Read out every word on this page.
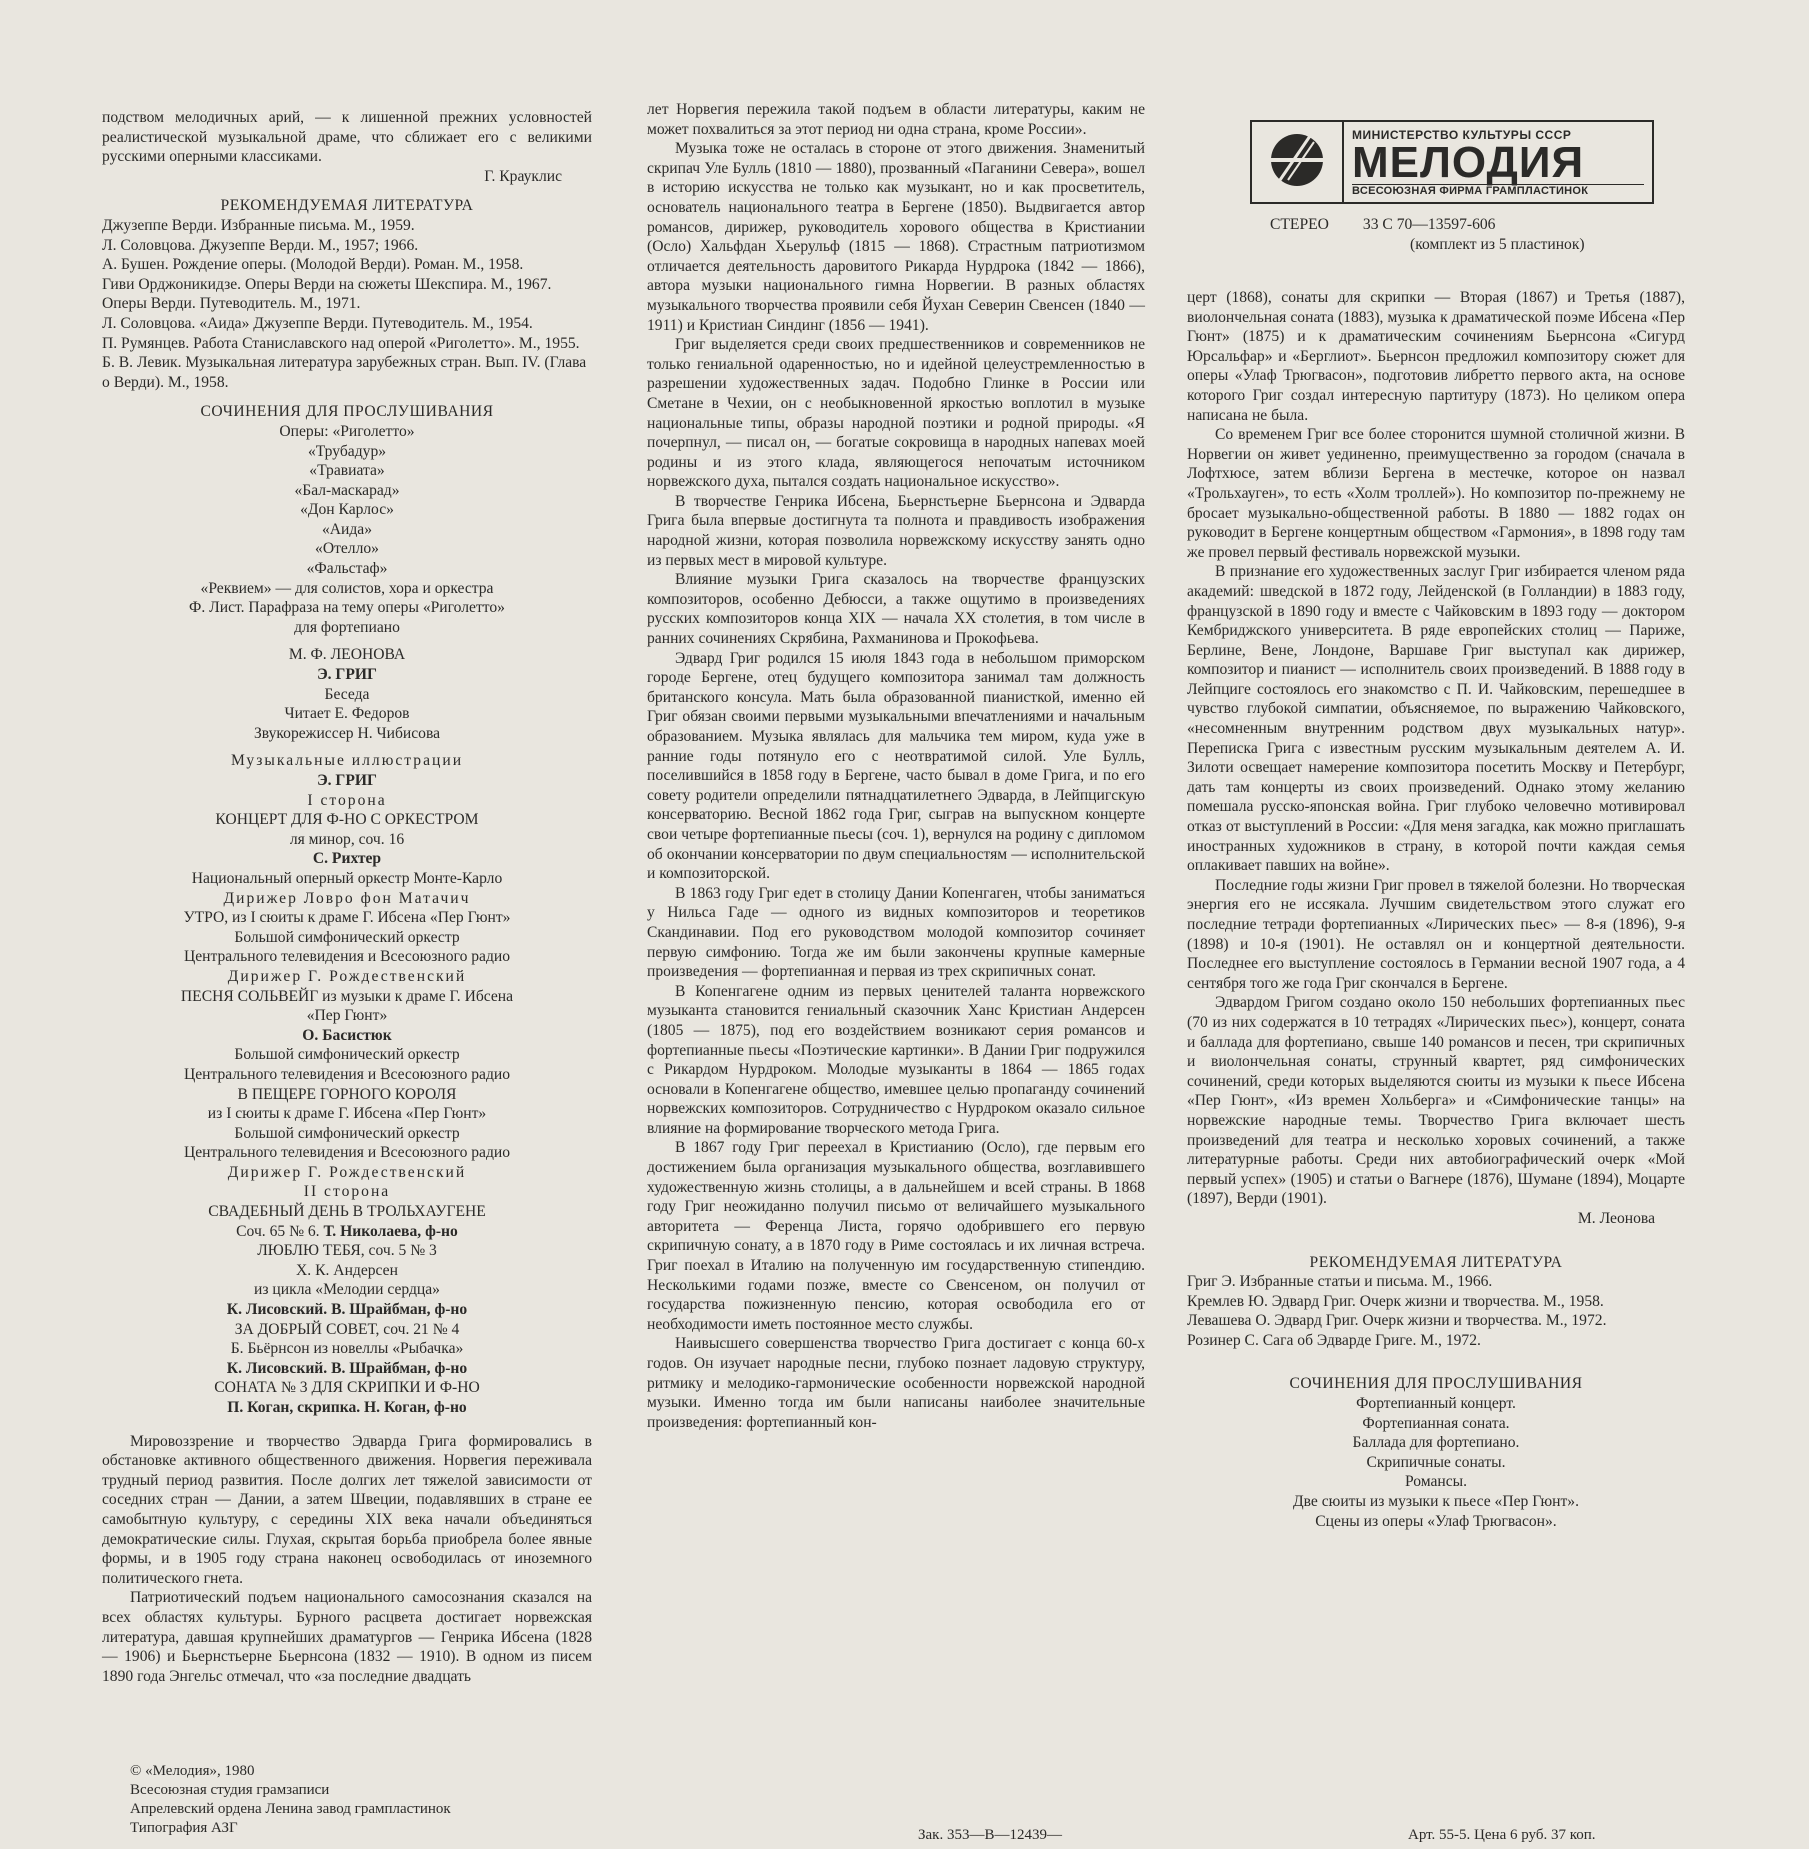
МИНИСТЕРСТВО КУЛЬТУРЫ СССР
МЕЛОДИЯ
ВСЕСОЮЗНАЯ ФИРМА ГРАМПЛАСТИНОК
СТЕРЕО 33 С 70—13597-606
(комплект из 5 пластинок)

подством мелодичных арий, — к лишенной прежних условностей реалистической музыкальной драме, что сближает его с великими русскими оперными классиками.

Г. Крауклис
РЕКОМЕНДУЕМАЯ ЛИТЕРАТУРА
Джузеппе Верди. Избранные письма. М., 1959.
Л. Соловцова. Джузеппе Верди. М., 1957; 1966.
А. Бушен. Рождение оперы. (Молодой Верди). Роман. М., 1958.
Гиви Орджоникидзе. Оперы Верди на сюжеты Шекспира. М., 1967.
Оперы Верди. Путеводитель. М., 1971.
Л. Соловцова. «Аида» Джузеппе Верди. Путеводитель. М., 1954.
П. Румянцев. Работа Станиславского над оперой «Риголетто». М., 1955.
Б. В. Левик. Музыкальная литература зарубежных стран. Вып. IV. (Глава о Верди). М., 1958.
СОЧИНЕНИЯ ДЛЯ ПРОСЛУШИВАНИЯ
Оперы: «Риголетто»
«Трубадур»
«Травиата»
«Бал-маскарад»
«Дон Карлос»
«Аида»
«Отелло»
«Фальстаф»
«Реквием» — для солистов, хора и оркестра
Ф. Лист. Парафраза на тему оперы «Риголетто»
для фортепиано
М. Ф. ЛЕОНОВА
Э. ГРИГ
Беседа
Читает Е. Федоров
Звукорежиссер Н. Чибисова
Музыкальные иллюстрации
Э. ГРИГ
I сторона
КОНЦЕРТ ДЛЯ Ф-НО С ОРКЕСТРОМ
ля минор, соч. 16
С. Рихтер
Национальный оперный оркестр Монте-Карло
Дирижер Ловро фон Матачич
УТРО, из I сюиты к драме Г. Ибсена «Пер Гюнт»
Большой симфонический оркестр
Центрального телевидения и Всесоюзного радио
Дирижер Г. Рождественский
ПЕСНЯ СОЛЬВЕЙГ из музыки к драме Г. Ибсена
«Пер Гюнт»
О. Басистюк
Большой симфонический оркестр
Центрального телевидения и Всесоюзного радио
В ПЕЩЕРЕ ГОРНОГО КОРОЛЯ
из I сюиты к драме Г. Ибсена «Пер Гюнт»
Большой симфонический оркестр
Центрального телевидения и Всесоюзного радио
Дирижер Г. Рождественский
II сторона
СВАДЕБНЫЙ ДЕНЬ В ТРОЛЬХАУГЕНЕ
Соч. 65 № 6. Т. Николаева, ф-но
ЛЮБЛЮ ТЕБЯ, соч. 5 № 3
Х. К. Андерсен
из цикла «Мелодии сердца»
К. Лисовский. В. Шрайбман, ф-но
ЗА ДОБРЫЙ СОВЕТ, соч. 21 № 4
Б. Бьёрнсон из новеллы «Рыбачка»
К. Лисовский. В. Шрайбман, ф-но
СОНАТА № 3 ДЛЯ СКРИПКИ И Ф-НО
П. Коган, скрипка. Н. Коган, ф-но

Мировоззрение и творчество Эдварда Грига формировались в обстановке активного общественного движения. Норвегия переживала трудный период развития. После долгих лет тяжелой зависимости от соседних стран — Дании, а затем Швеции, подавлявших в стране ее самобытную культуру, с середины XIX века начали объединяться демократические силы. Глухая, скрытая борьба приобрела более явные формы, и в 1905 году страна наконец освободилась от иноземного политического гнета.

Патриотический подъем национального самосознания сказался на всех областях культуры. Бурного расцвета достигает норвежская литература, давшая крупнейших драматургов — Генрика Ибсена (1828 — 1906) и Бьернстьерне Бьернсона (1832 — 1910). В одном из писем 1890 года Энгельс отмечал, что «за последние двадцать

лет Норвегия пережила такой подъем в области литературы, каким не может похвалиться за этот период ни одна страна, кроме России».

Музыка тоже не осталась в стороне от этого движения. Знаменитый скрипач Уле Булль (1810 — 1880), прозванный «Паганини Севера», вошел в историю искусства не только как музыкант, но и как просветитель, основатель национального театра в Бергене (1850). Выдвигается автор романсов, дирижер, руководитель хорового общества в Кристиании (Осло) Хальфдан Хьерульф (1815 — 1868). Страстным патриотизмом отличается деятельность даровитого Рикарда Нурдрока (1842 — 1866), автора музыки национального гимна Норвегии. В разных областях музыкального творчества проявили себя Йухан Северин Свенсен (1840 — 1911) и Кристиан Синдинг (1856 — 1941).

Григ выделяется среди своих предшественников и современников не только гениальной одаренностью, но и идейной целеустремленностью в разрешении художественных задач. Подобно Глинке в России или Сметане в Чехии, он с необыкновенной яркостью воплотил в музыке национальные типы, образы народной поэтики и родной природы. «Я почерпнул, — писал он, — богатые сокровища в народных напевах моей родины и из этого клада, являющегося непочатым источником норвежского духа, пытался создать национальное искусство».

В творчестве Генрика Ибсена, Бьернстьерне Бьернсона и Эдварда Грига была впервые достигнута та полнота и правдивость изображения народной жизни, которая позволила норвежскому искусству занять одно из первых мест в мировой культуре.

Влияние музыки Грига сказалось на творчестве французских композиторов, особенно Дебюсси, а также ощутимо в произведениях русских композиторов конца XIX — начала XX столетия, в том числе в ранних сочинениях Скрябина, Рахманинова и Прокофьева.

Эдвард Григ родился 15 июля 1843 года в небольшом приморском городе Бергене, отец будущего композитора занимал там должность британского консула. Мать была образованной пианисткой, именно ей Григ обязан своими первыми музыкальными впечатлениями и начальным образованием. Музыка являлась для мальчика тем миром, куда уже в ранние годы потянуло его с неотвратимой силой. Уле Булль, поселившийся в 1858 году в Бергене, часто бывал в доме Грига, и по его совету родители определили пятнадцатилетнего Эдварда, в Лейпцигскую консерваторию. Весной 1862 года Григ, сыграв на выпускном концерте свои четыре фортепианные пьесы (соч. 1), вернулся на родину с дипломом об окончании консерватории по двум специальностям — исполнительской и композиторской.

В 1863 году Григ едет в столицу Дании Копенгаген, чтобы заниматься у Нильса Гаде — одного из видных композиторов и теоретиков Скандинавии. Под его руководством молодой композитор сочиняет первую симфонию. Тогда же им были закончены крупные камерные произведения — фортепианная и первая из трех скрипичных сонат.

В Копенгагене одним из первых ценителей таланта норвежского музыканта становится гениальный сказочник Ханс Кристиан Андерсен (1805 — 1875), под его воздействием возникают серия романсов и фортепианные пьесы «Поэтические картинки». В Дании Григ подружился с Рикардом Нурдроком. Молодые музыканты в 1864 — 1865 годах основали в Копенгагене общество, имевшее целью пропаганду сочинений норвежских композиторов. Сотрудничество с Нурдроком оказало сильное влияние на формирование творческого метода Грига.

В 1867 году Григ переехал в Кристианию (Осло), где первым его достижением была организация музыкального общества, возглавившего художественную жизнь столицы, а в дальнейшем и всей страны. В 1868 году Григ неожиданно получил письмо от величайшего музыкального авторитета — Ференца Листа, горячо одобрившего его первую скрипичную сонату, а в 1870 году в Риме состоялась и их личная встреча. Григ поехал в Италию на полученную им государственную стипендию. Несколькими годами позже, вместе со Свенсеном, он получил от государства пожизненную пенсию, которая освободила его от необходимости иметь постоянное место службы.

Наивысшего совершенства творчество Грига достигает с конца 60-х годов. Он изучает народные песни, глубоко познает ладовую структуру, ритмику и мелодико-гармонические особенности норвежской народной музыки. Именно тогда им были написаны наиболее значительные произведения: фортепианный кон-

церт (1868), сонаты для скрипки — Вторая (1867) и Третья (1887), виолончельная соната (1883), музыка к драматической поэме Ибсена «Пер Гюнт» (1875) и к драматическим сочинениям Бьернсона «Сигурд Юрсальфар» и «Берглиот». Бьернсон предложил композитору сюжет для оперы «Улаф Трюгвасон», подготовив либретто первого акта, на основе которого Григ создал интересную партитуру (1873). Но целиком опера написана не была.

Со временем Григ все более сторонится шумной столичной жизни. В Норвегии он живет уединенно, преимущественно за городом (сначала в Лофтхюсе, затем вблизи Бергена в местечке, которое он назвал «Трольхауген», то есть «Холм троллей»). Но композитор по-прежнему не бросает музыкально-общественной работы. В 1880 — 1882 годах он руководит в Бергене концертным обществом «Гармония», в 1898 году там же провел первый фестиваль норвежской музыки.

В признание его художественных заслуг Григ избирается членом ряда академий: шведской в 1872 году, Лейденской (в Голландии) в 1883 году, французской в 1890 году и вместе с Чайковским в 1893 году — доктором Кембриджского университета. В ряде европейских столиц — Париже, Берлине, Вене, Лондоне, Варшаве Григ выступал как дирижер, композитор и пианист — исполнитель своих произведений. В 1888 году в Лейпциге состоялось его знакомство с П. И. Чайковским, перешедшее в чувство глубокой симпатии, объясняемое, по выражению Чайковского, «несомненным внутренним родством двух музыкальных натур». Переписка Грига с известным русским музыкальным деятелем А. И. Зилоти освещает намерение композитора посетить Москву и Петербург, дать там концерты из своих произведений. Однако этому желанию помешала русско-японская война. Григ глубоко человечно мотивировал отказ от выступлений в России: «Для меня загадка, как можно приглашать иностранных художников в страну, в которой почти каждая семья оплакивает павших на войне».

Последние годы жизни Григ провел в тяжелой болезни. Но творческая энергия его не иссякала. Лучшим свидетельством этого служат его последние тетради фортепианных «Лирических пьес» — 8-я (1896), 9-я (1898) и 10-я (1901). Не оставлял он и концертной деятельности. Последнее его выступление состоялось в Германии весной 1907 года, а 4 сентября того же года Григ скончался в Бергене.

Эдвардом Григом создано около 150 небольших фортепианных пьес (70 из них содержатся в 10 тетрадях «Лирических пьес»), концерт, соната и баллада для фортепиано, свыше 140 романсов и песен, три скрипичных и виолончельная сонаты, струнный квартет, ряд симфонических сочинений, среди которых выделяются сюиты из музыки к пьесе Ибсена «Пер Гюнт», «Из времен Хольберга» и «Симфонические танцы» на норвежские народные темы. Творчество Грига включает шесть произведений для театра и несколько хоровых сочинений, а также литературные работы. Среди них автобиографический очерк «Мой первый успех» (1905) и статьи о Вагнере (1876), Шумане (1894), Моцарте (1897), Верди (1901).

М. Леонова
РЕКОМЕНДУЕМАЯ ЛИТЕРАТУРА
Григ Э. Избранные статьи и письма. М., 1966.
Кремлев Ю. Эдвард Григ. Очерк жизни и творчества. М., 1958.
Левашева О. Эдвард Григ. Очерк жизни и творчества. М., 1972.
Розинер С. Сага об Эдварде Григе. М., 1972.
СОЧИНЕНИЯ ДЛЯ ПРОСЛУШИВАНИЯ
Фортепианный концерт.
Фортепианная соната.
Баллада для фортепиано.
Скрипичные сонаты.
Романсы.
Две сюиты из музыки к пьесе «Пер Гюнт».
Сцены из оперы «Улаф Трюгвасон».
© «Мелодия», 1980
Всесоюзная студия грамзаписи
Апрелевский ордена Ленина завод грампластинок
Типография АЗГ	Зак. 353—В—12439—	Арт. 55-5. Цена 6 руб. 37 коп.
